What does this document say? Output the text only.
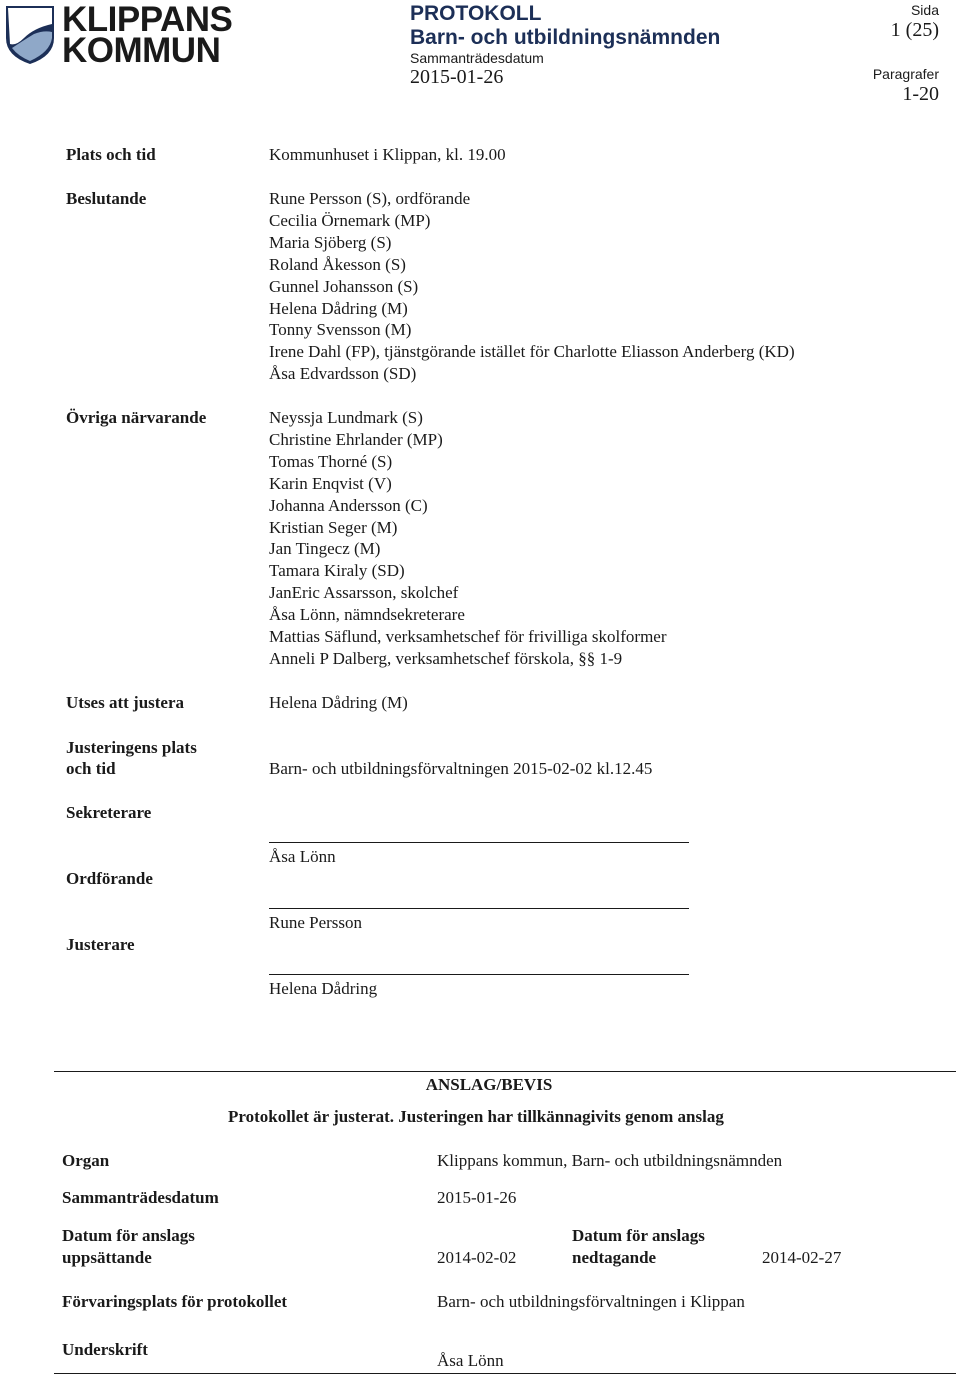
KLIPPANS
KOMMUN
PROTOKOLL
Barn- och utbildningsnämnden
Sammanträdesdatum
2015-01-26
Sida
1 (25)
Paragrafer
1-20
Plats och tid	Kommunhuset i Klippan, kl. 19.00
Beslutande	Rune Persson (S), ordförande
Cecilia Örnemark (MP)
Maria Sjöberg (S)
Roland Åkesson (S)
Gunnel Johansson (S)
Helena Dådring (M)
Tonny Svensson (M)
Irene Dahl (FP), tjänstgörande istället för Charlotte Eliasson Anderberg (KD)
Åsa Edvardsson (SD)
Övriga närvarande	Neyssja Lundmark (S)
Christine Ehrlander (MP)
Tomas Thorné (S)
Karin Enqvist (V)
Johanna Andersson (C)
Kristian Seger (M)
Jan Tingecz (M)
Tamara Kiraly (SD)
JanEric Assarsson, skolchef
Åsa Lönn, nämndsekreterare
Mattias Säflund, verksamhetschef för frivilliga skolformer
Anneli P Dalberg, verksamhetschef förskola, §§ 1-9
Utses att justera	Helena Dådring (M)
Justeringens plats
och tid	Barn- och utbildningsförvaltningen 2015-02-02 kl.12.45
Sekreterare
Åsa Lönn
Ordförande
Rune Persson
Justerare
Helena Dådring
ANSLAG/BEVIS
Protokollet är justerat. Justeringen har tillkännagivits genom anslag
Organ	Klippans kommun, Barn- och utbildningsnämnden
Sammanträdesdatum	2015-01-26
Datum för anslags
uppsättande	2014-02-02
Datum för anslags
nedtagande	2014-02-27
Förvaringsplats för protokollet	Barn- och utbildningsförvaltningen i Klippan
Underskrift
Åsa Lönn
